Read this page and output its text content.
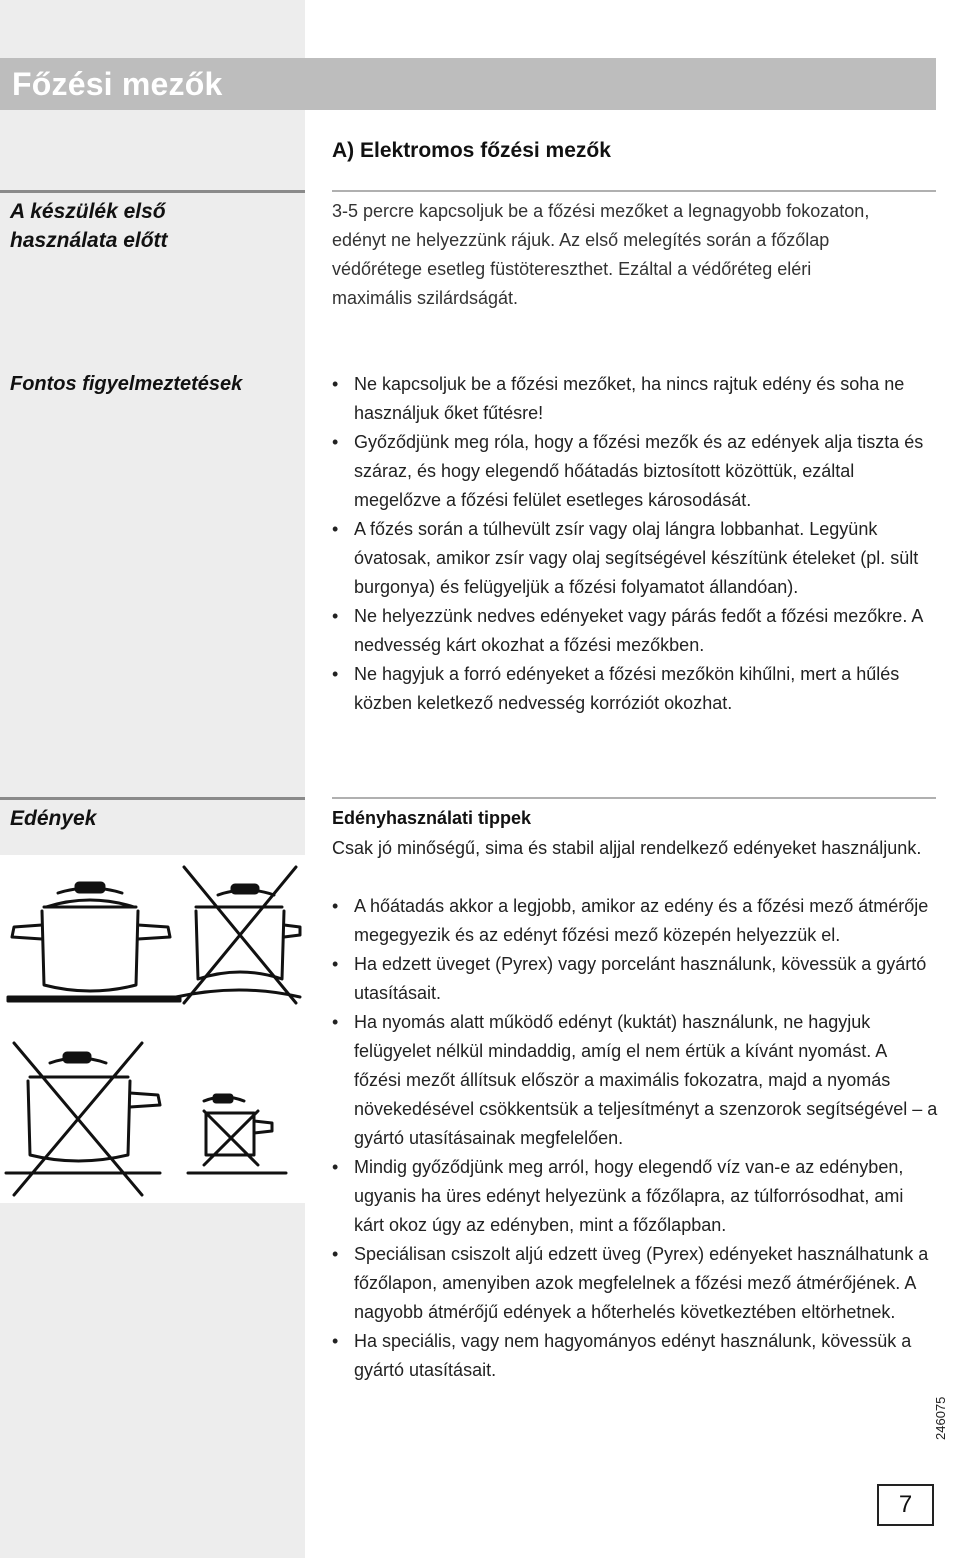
Főzési mezők
A) Elektromos főzési mezők
A készülék első
használata előtt
3-5 percre kapcsoljuk be a főzési mezőket a legnagyobb fokozaton, edényt ne helyezzünk rájuk. Az első melegítés során a főzőlap védőrétege esetleg füstötereszthet. Ezáltal a védőréteg eléri maximális szilárdságát.
Fontos figyelmeztetések
•	Ne kapcsoljuk be a főzési mezőket, ha nincs rajtuk edény és soha ne használjuk őket fűtésre!
• Győződjünk meg róla, hogy a főzési mezők és az edények alja tiszta és száraz, és hogy elegendő hőátadás biztosított közöttük, ezáltal megelőzve a főzési felület esetleges károsodását.
• A főzés során a túlhevült zsír vagy olaj lángra lobbanhat. Legyünk óvatosak, amikor zsír vagy olaj segítségével készítünk ételeket (pl. sült burgonya) és felügyeljük a főzési folyamatot állandóan).
• Ne helyezzünk nedves edényeket vagy párás fedőt a főzési mezőkre. A nedvesség kárt okozhat a főzési mezőkben.
• Ne hagyjuk a forró edényeket a főzési mezőkön kihűlni, mert a hűlés közben keletkező nedvesség korróziót okozhat.
Edények	Edényhasználati tippek
Csak jó minőségű, sima és stabil aljjal rendelkező edényeket használjunk.
• A hőátadás akkor a legjobb, amikor az edény és a főzési mező átmérője megegyezik és az edényt főzési mező közepén helyezzük el.
• Ha edzett üveget (Pyrex) vagy porcelánt használunk, kövessük a gyártó utasításait.
• Ha nyomás alatt működő edényt (kuktát) használunk, ne hagyjuk felügyelet nélkül mindaddig, amíg el nem értük a kívánt nyomást. A főzési mezőt állítsuk először a maximális fokozatra, majd a nyomás növekedésével csökkentsük a teljesítményt a szenzorok segítségével – a gyártó utasításainak megfelelően.
• Mindig győződjünk meg arról, hogy elegendő víz van-e az edényben, ugyanis ha üres edényt helyezünk a főzőlapra, az túlforrósodhat, ami kárt okoz úgy az edényben, mint a főzőlapban.
• Speciálisan csiszolt aljú edzett üveg (Pyrex) edényeket használhatunk a főzőlapon, amenyiben azok megfelelnek a főzési mező átmérőjének. A nagyobb átmérőjű edények a hőterhelés következtében eltörhetnek.
• Ha speciális, vagy nem hagyományos edényt használunk, kövessük a gyártó utasításait.
246075
7
